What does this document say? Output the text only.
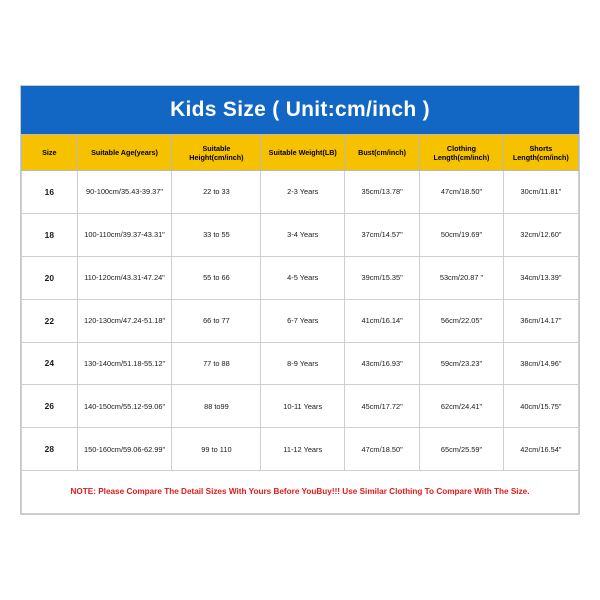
Kids Size ( Unit:cm/inch )
Size	Suitable Age(years)	Suitable Height(cm/inch)	Suitable Weight(LB)	Bust(cm/inch)	Clothing Length(cm/inch)	Shorts Length(cm/inch)
16	90-100cm/35.43-39.37"	22 to 33	2-3 Years	35cm/13.78"	47cm/18.50"	30cm/11.81"
18	100-110cm/39.37-43.31"	33 to 55	3-4 Years	37cm/14.57"	50cm/19.69"	32cm/12.60"
20	110-120cm/43.31-47.24"	55 to 66	4-5 Years	39cm/15.35"	53cm/20.87 "	34cm/13.39"
22	120-130cm/47.24-51.18"	66 to 77	6-7 Years	41cm/16.14"	56cm/22.05"	36cm/14.17"
24	130-140cm/51.18-55.12"	77 to 88	8-9 Years	43cm/16.93"	59cm/23.23"	38cm/14.96"
26	140-150cm/55.12-59.06"	88 to99	10-11 Years	45cm/17.72"	62cm/24.41"	40cm/15.75"
28	150-160cm/59.06-62.99"	99 to 110	11-12 Years	47cm/18.50"	65cm/25.59"	42cm/16.54"

NOTE: Please Compare The Detail Sizes With Yours Before YouBuy!!! Use Similar Clothing To Compare With The Size.						
